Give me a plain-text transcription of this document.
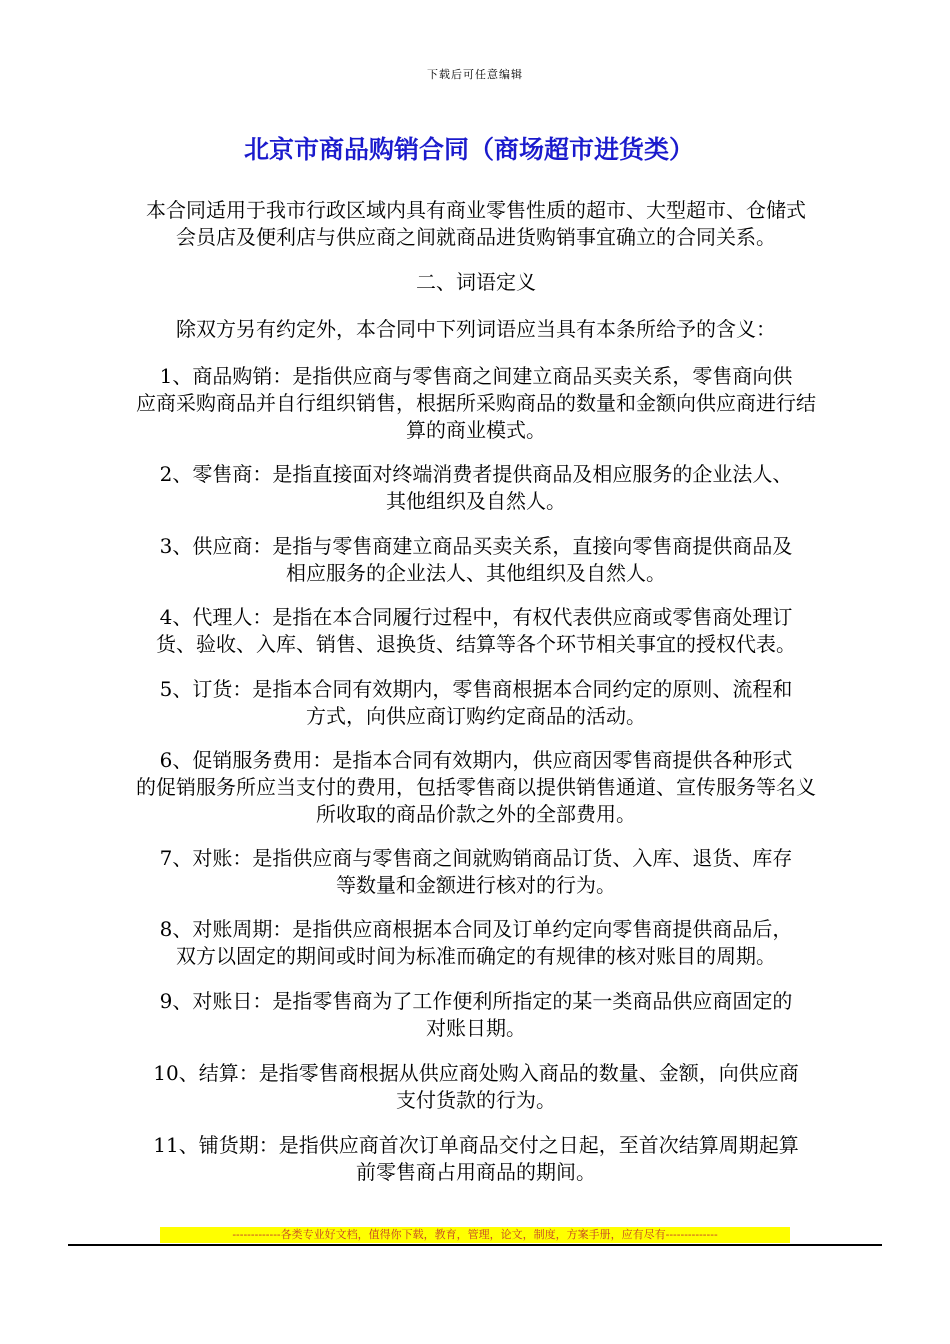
下载后可任意编辑
北京市商品购销合同（商场超市进货类）
本合同适用于我市行政区域内具有商业零售性质的超市、大型超市、仓储式
会员店及便利店与供应商之间就商品进货购销事宜确立的合同关系。
二、词语定义
除双方另有约定外，本合同中下列词语应当具有本条所给予的含义：
1、商品购销：是指供应商与零售商之间建立商品买卖关系，零售商向供
应商采购商品并自行组织销售，根据所采购商品的数量和金额向供应商进行结
算的商业模式。
2、零售商：是指直接面对终端消费者提供商品及相应服务的企业法人、
其他组织及自然人。
3、供应商：是指与零售商建立商品买卖关系，直接向零售商提供商品及
相应服务的企业法人、其他组织及自然人。
4、代理人：是指在本合同履行过程中，有权代表供应商或零售商处理订
货、验收、入库、销售、退换货、结算等各个环节相关事宜的授权代表。
5、订货：是指本合同有效期内，零售商根据本合同约定的原则、流程和
方式，向供应商订购约定商品的活动。
6、促销服务费用：是指本合同有效期内，供应商因零售商提供各种形式
的促销服务所应当支付的费用，包括零售商以提供销售通道、宣传服务等名义
所收取的商品价款之外的全部费用。
7、对账：是指供应商与零售商之间就购销商品订货、入库、退货、库存
等数量和金额进行核对的行为。
8、对账周期：是指供应商根据本合同及订单约定向零售商提供商品后，
双方以固定的期间或时间为标准而确定的有规律的核对账目的周期。
9、对账日：是指零售商为了工作便利所指定的某一类商品供应商固定的
对账日期。
10、结算：是指零售商根据从供应商处购入商品的数量、金额，向供应商
支付货款的行为。
11、铺货期：是指供应商首次订单商品交付之日起，至首次结算周期起算
前零售商占用商品的期间。
-------------各类专业好文档，值得你下载，教育，管理，论文，制度，方案手册，应有尽有--------------
